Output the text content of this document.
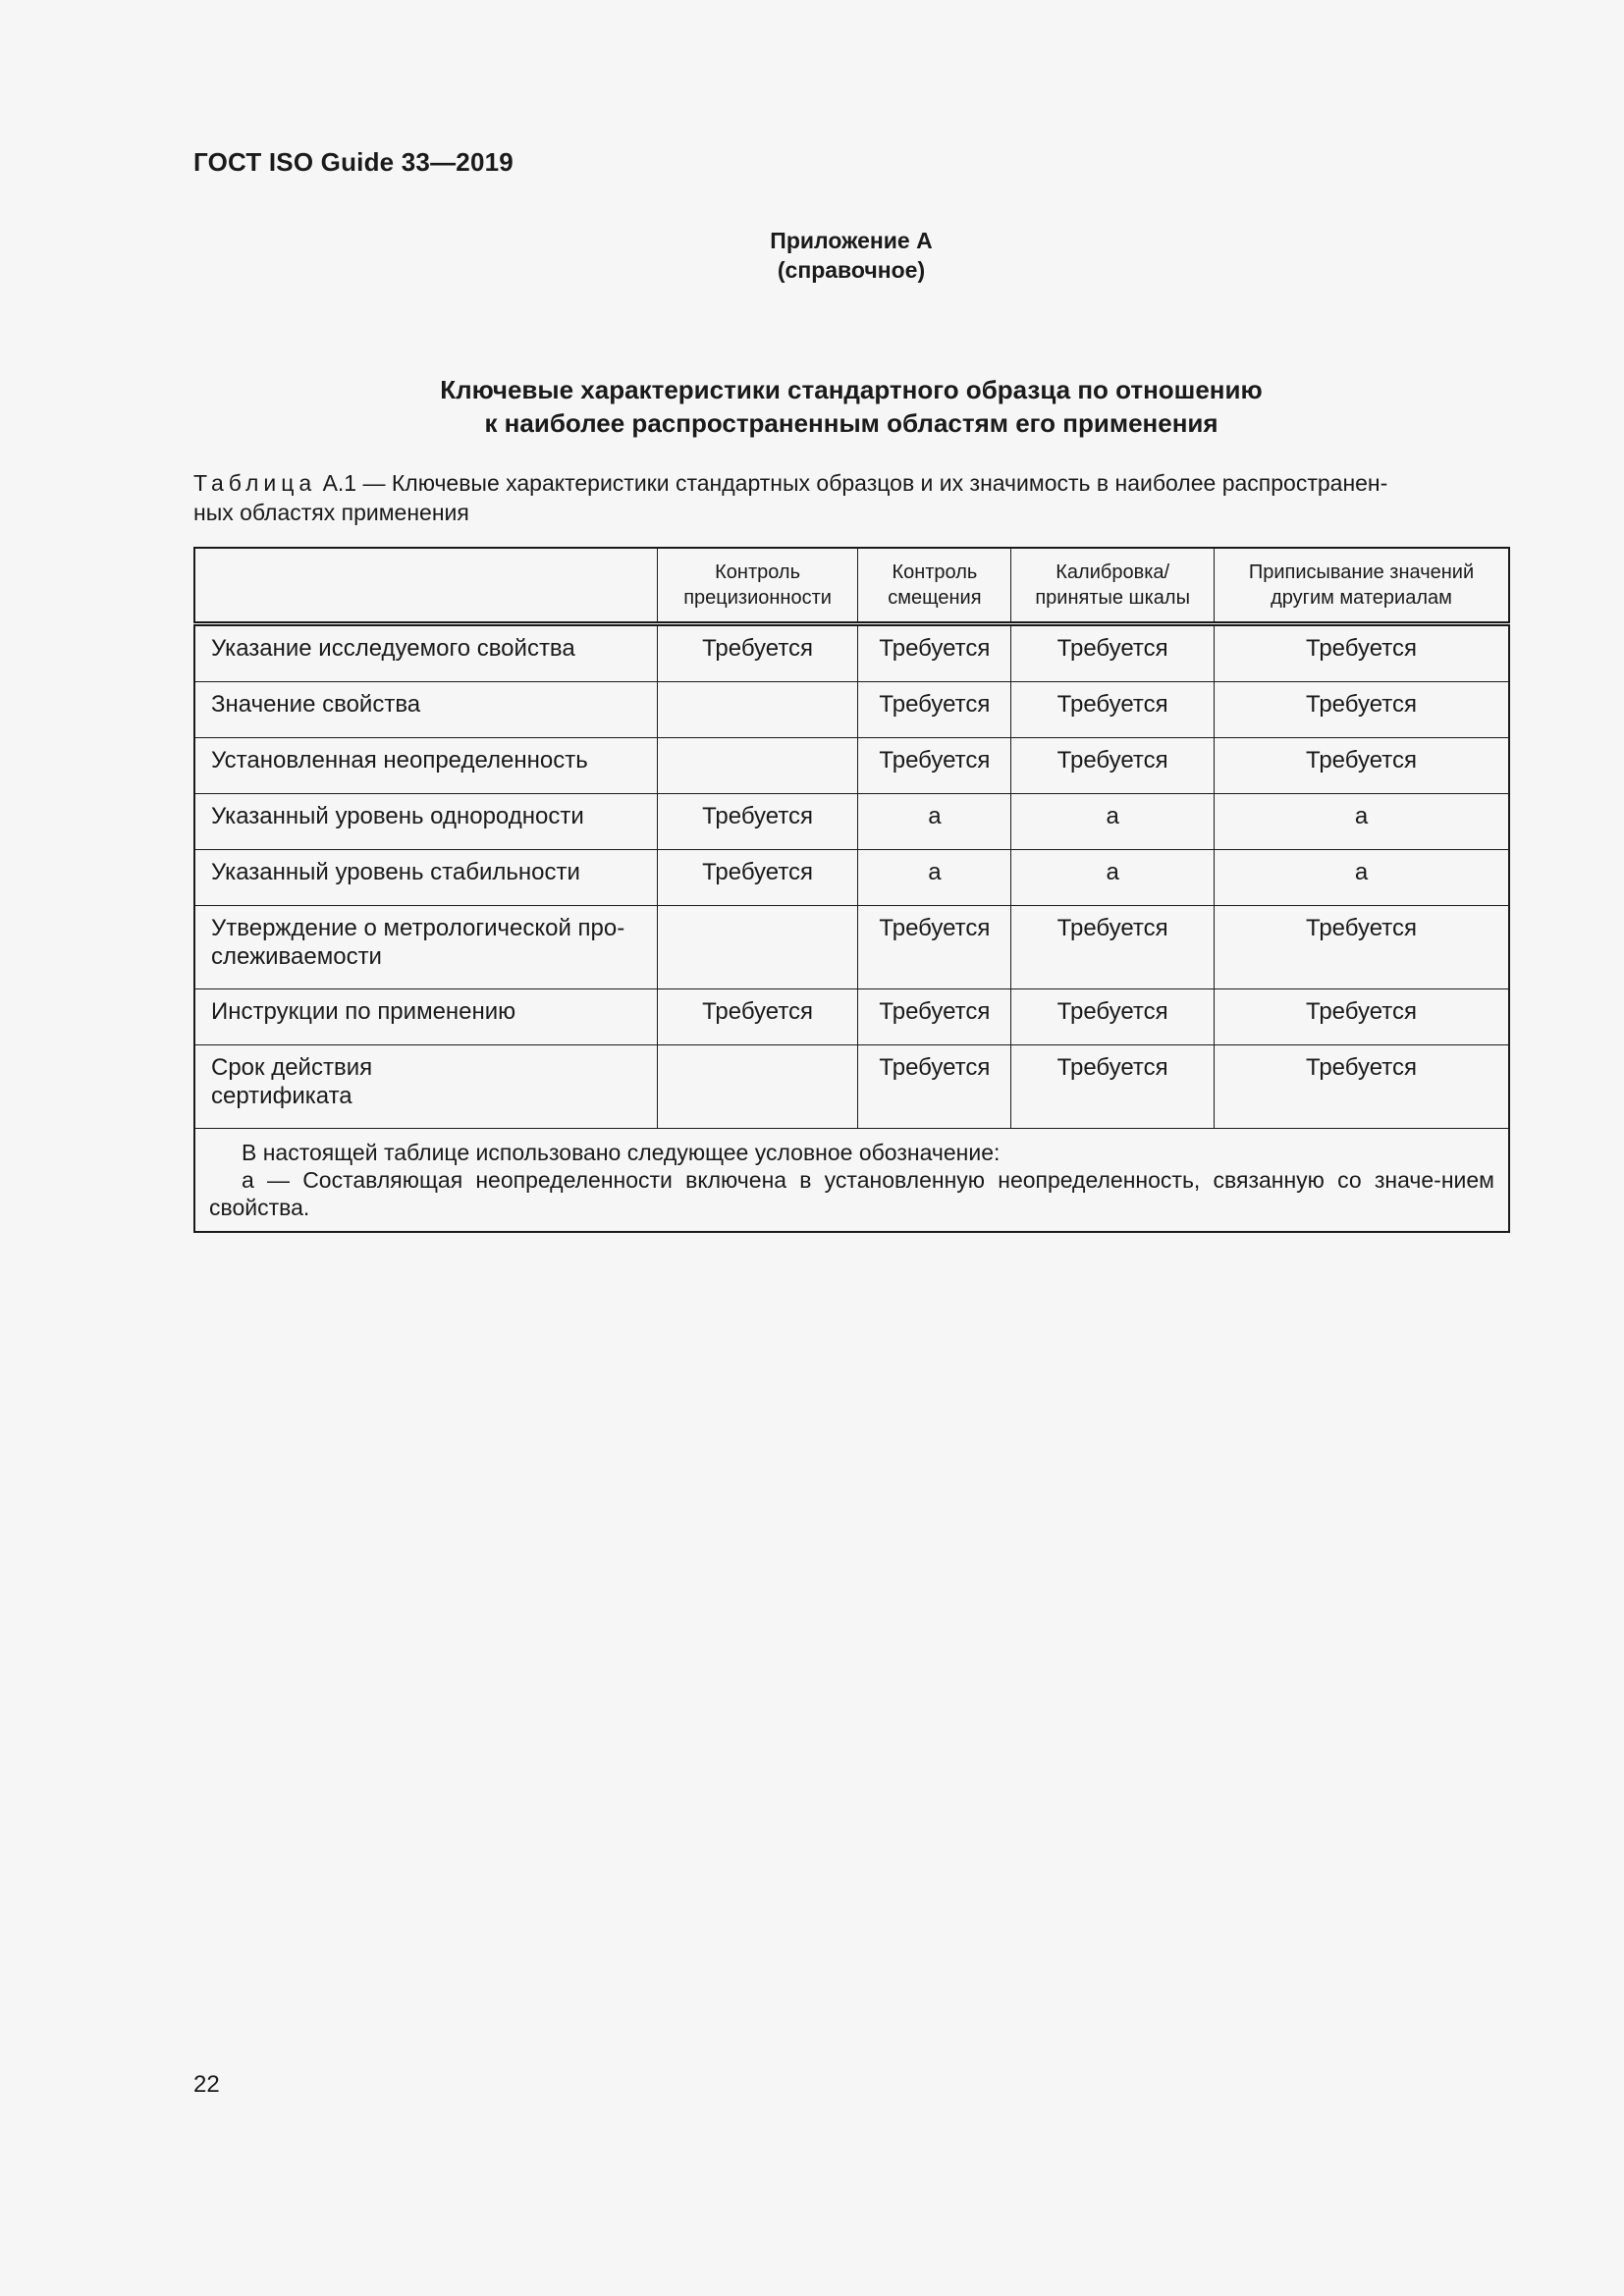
ГОСТ ISO Guide 33—2019
Приложение А
(справочное)
Ключевые характеристики стандартного образца по отношению
к наиболее распространенным областям его применения
Таблица А.1 — Ключевые характеристики стандартных образцов и их значимость в наиболее распространен-
ных областях применения
	Контроль прецизионности	Контроль смещения	Калибровка/ принятые шкалы	Приписывание значений другим материалам
Указание исследуемого свойства	Требуется	Требуется	Требуется	Требуется
Значение свойства		Требуется	Требуется	Требуется
Установленная неопределенность		Требуется	Требуется	Требуется
Указанный уровень однородности	Требуется	a	a	a
Указанный уровень стабильности	Требуется	a	a	a
Утверждение о метрологической про-
слеживаемости		Требуется	Требуется	Требуется
Инструкции по применению	Требуется	Требуется	Требуется	Требуется
Срок действия
сертификата		Требуется	Требуется	Требуется

В настоящей таблице использовано следующее условное обозначение:
a — Составляющая неопределенности включена в установленную неопределенность, связанную со значе-нием свойства.				
22
